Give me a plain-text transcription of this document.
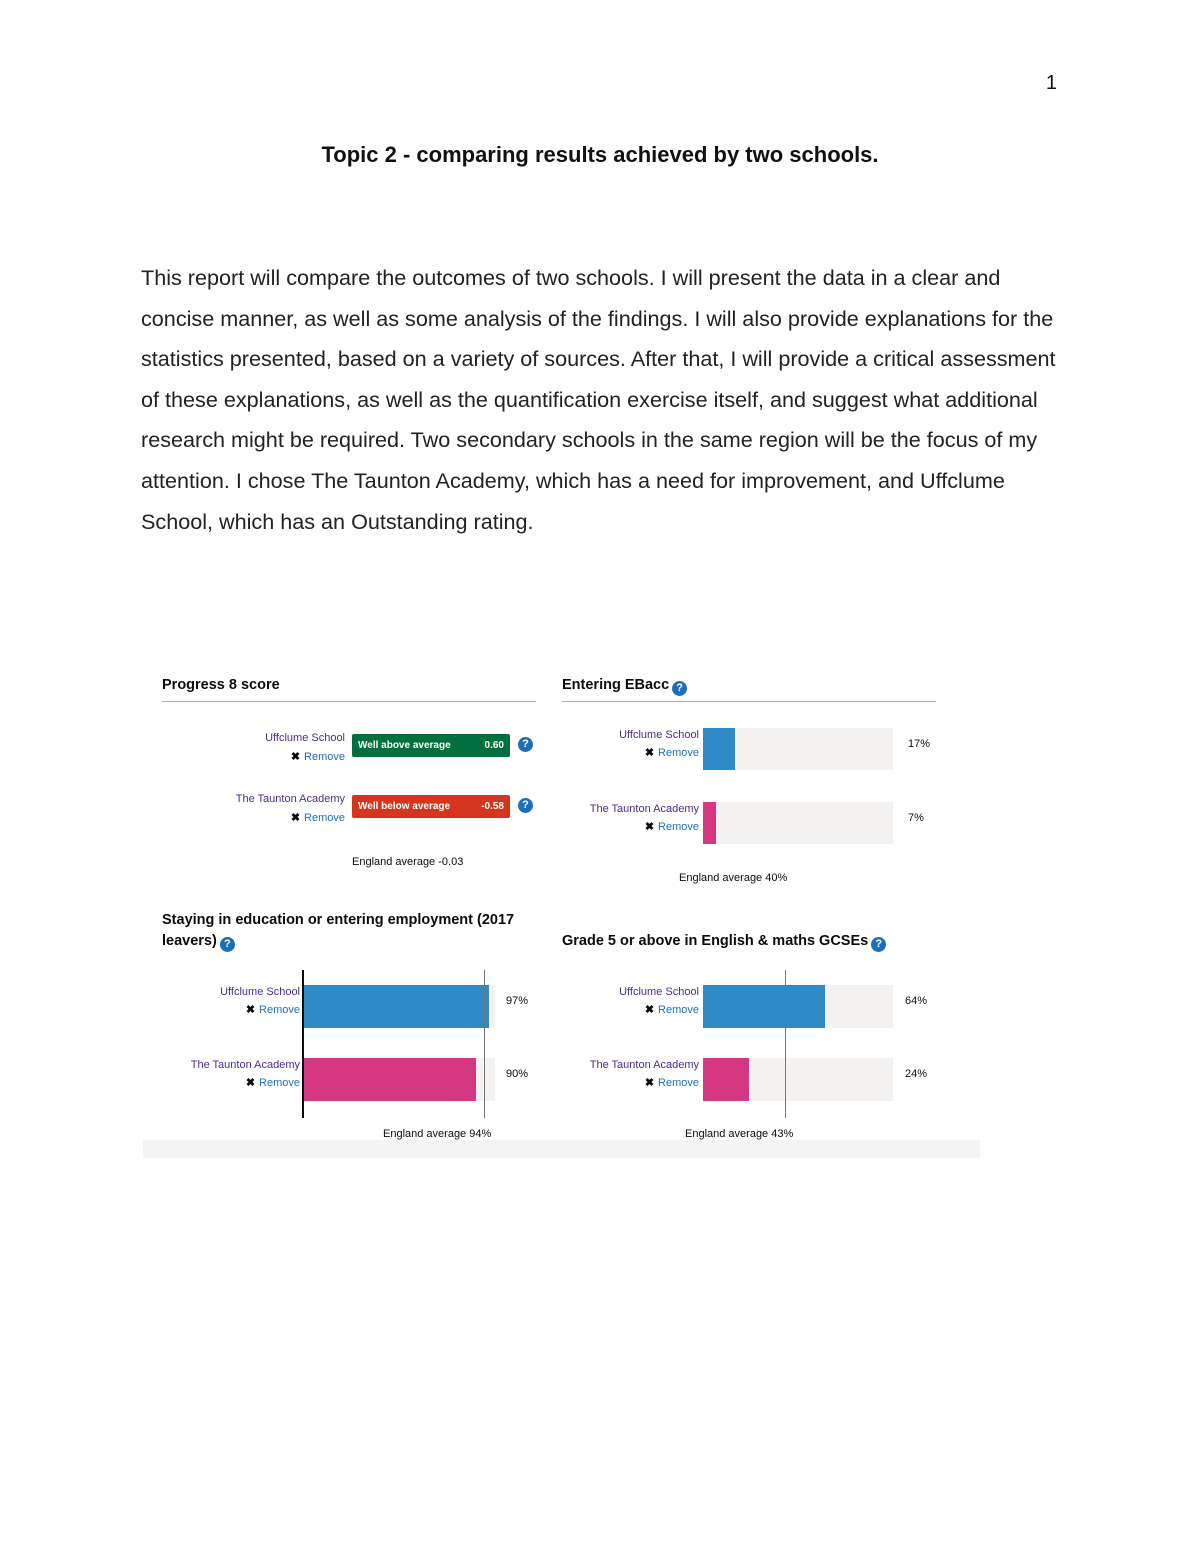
1
Topic 2 - comparing results achieved by two schools.

This report will compare the outcomes of two schools. I will present the data in a clear and concise manner, as well as some analysis of the findings. I will also provide explanations for the statistics presented, based on a variety of sources. After that, I will provide a critical assessment of these explanations, as well as the quantification exercise itself, and suggest what additional research might be required. Two secondary schools in the same region will be the focus of my attention. I chose The Taunton Academy, which has a need for improvement, and Uffclume School, which has an Outstanding rating.

Progress 8 score
Uffclume School
✖ Remove
Well above average	0.60	?
The Taunton Academy
✖ Remove
Well below average	-0.58	?
England average -0.03
Entering EBacc ?
Uffclume School
✖ Remove
17%
The Taunton Academy
✖ Remove
7%
England average 40%
Staying in education or entering employment (2017
leavers) ?
Uffclume School
✖ Remove
97%
The Taunton Academy
✖ Remove
90%
England average 94%
Grade 5 or above in English & maths GCSEs ?
Uffclume School
✖ Remove
64%
The Taunton Academy
✖ Remove
24%
England average 43%
